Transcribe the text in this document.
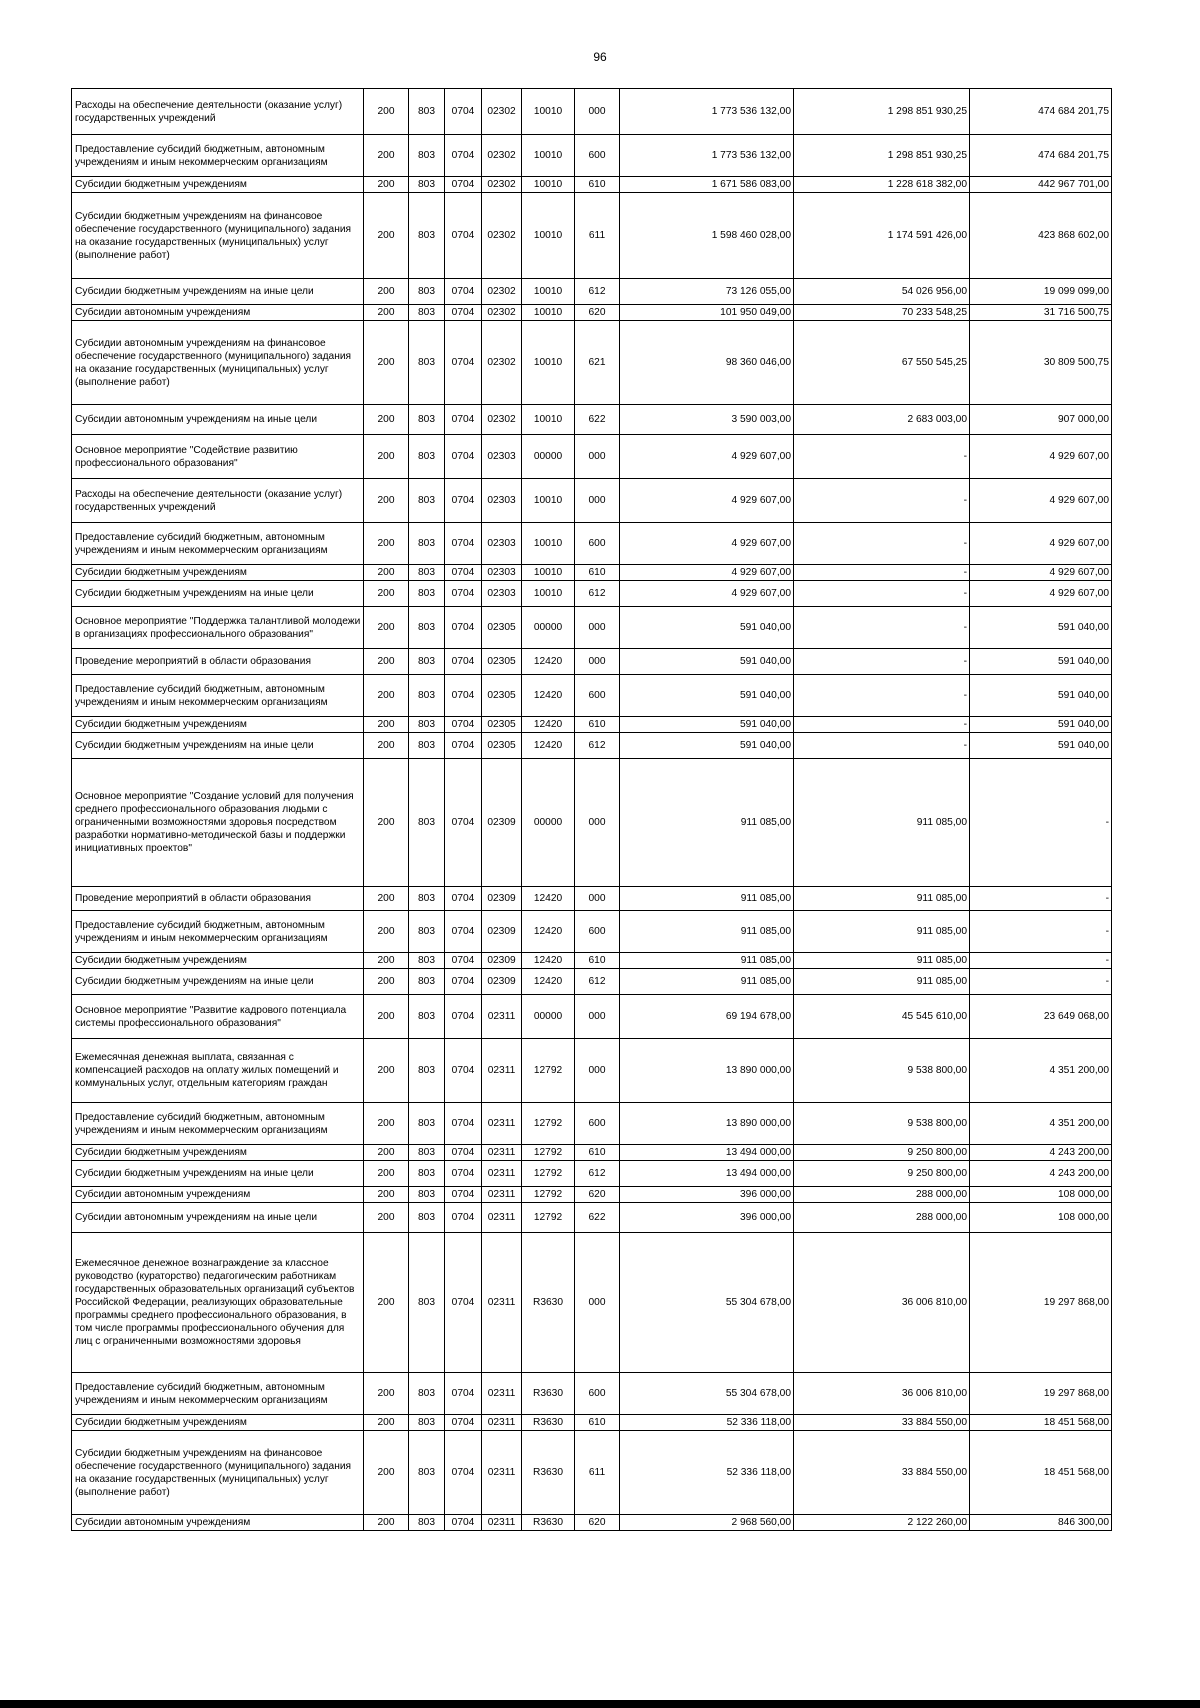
96
Расходы на обеспечение деятельности (оказание услуг) государственных учреждений	200	803	0704	02302	10010	000	1 773 536 132,00	1 298 851 930,25	474 684 201,75
Предоставление субсидий бюджетным, автономным учреждениям и иным некоммерческим организациям	200	803	0704	02302	10010	600	1 773 536 132,00	1 298 851 930,25	474 684 201,75
Субсидии бюджетным учреждениям	200	803	0704	02302	10010	610	1 671 586 083,00	1 228 618 382,00	442 967 701,00
Субсидии бюджетным учреждениям на финансовое обеспечение государственного (муниципального) задания на оказание государственных (муниципальных) услуг (выполнение работ)	200	803	0704	02302	10010	611	1 598 460 028,00	1 174 591 426,00	423 868 602,00
Субсидии бюджетным учреждениям на иные цели	200	803	0704	02302	10010	612	73 126 055,00	54 026 956,00	19 099 099,00
Субсидии автономным учреждениям	200	803	0704	02302	10010	620	101 950 049,00	70 233 548,25	31 716 500,75
Субсидии автономным учреждениям на финансовое обеспечение государственного (муниципального) задания на оказание государственных (муниципальных) услуг (выполнение работ)	200	803	0704	02302	10010	621	98 360 046,00	67 550 545,25	30 809 500,75
Субсидии автономным учреждениям на иные цели	200	803	0704	02302	10010	622	3 590 003,00	2 683 003,00	907 000,00
Основное мероприятие "Содействие развитию профессионального образования"	200	803	0704	02303	00000	000	4 929 607,00	-	4 929 607,00
Расходы на обеспечение деятельности (оказание услуг) государственных учреждений	200	803	0704	02303	10010	000	4 929 607,00	-	4 929 607,00
Предоставление субсидий бюджетным, автономным учреждениям и иным некоммерческим организациям	200	803	0704	02303	10010	600	4 929 607,00	-	4 929 607,00
Субсидии бюджетным учреждениям	200	803	0704	02303	10010	610	4 929 607,00	-	4 929 607,00
Субсидии бюджетным учреждениям на иные цели	200	803	0704	02303	10010	612	4 929 607,00	-	4 929 607,00
Основное мероприятие "Поддержка талантливой молодежи в организациях профессионального образования"	200	803	0704	02305	00000	000	591 040,00	-	591 040,00
Проведение мероприятий в области образования	200	803	0704	02305	12420	000	591 040,00	-	591 040,00
Предоставление субсидий бюджетным, автономным учреждениям и иным некоммерческим организациям	200	803	0704	02305	12420	600	591 040,00	-	591 040,00
Субсидии бюджетным учреждениям	200	803	0704	02305	12420	610	591 040,00	-	591 040,00
Субсидии бюджетным учреждениям на иные цели	200	803	0704	02305	12420	612	591 040,00	-	591 040,00
Основное мероприятие "Создание условий для получения среднего профессионального образования людьми с ограниченными возможностями здоровья посредством разработки нормативно-методической базы и поддержки инициативных проектов"	200	803	0704	02309	00000	000	911 085,00	911 085,00	-
Проведение мероприятий в области образования	200	803	0704	02309	12420	000	911 085,00	911 085,00	-
Предоставление субсидий бюджетным, автономным учреждениям и иным некоммерческим организациям	200	803	0704	02309	12420	600	911 085,00	911 085,00	-
Субсидии бюджетным учреждениям	200	803	0704	02309	12420	610	911 085,00	911 085,00	-
Субсидии бюджетным учреждениям на иные цели	200	803	0704	02309	12420	612	911 085,00	911 085,00	-
Основное мероприятие "Развитие кадрового потенциала системы профессионального образования"	200	803	0704	02311	00000	000	69 194 678,00	45 545 610,00	23 649 068,00
Ежемесячная денежная выплата, связанная с компенсацией расходов на оплату жилых помещений и коммунальных услуг, отдельным категориям граждан	200	803	0704	02311	12792	000	13 890 000,00	9 538 800,00	4 351 200,00
Предоставление субсидий бюджетным, автономным учреждениям и иным некоммерческим организациям	200	803	0704	02311	12792	600	13 890 000,00	9 538 800,00	4 351 200,00
Субсидии бюджетным учреждениям	200	803	0704	02311	12792	610	13 494 000,00	9 250 800,00	4 243 200,00
Субсидии бюджетным учреждениям на иные цели	200	803	0704	02311	12792	612	13 494 000,00	9 250 800,00	4 243 200,00
Субсидии автономным учреждениям	200	803	0704	02311	12792	620	396 000,00	288 000,00	108 000,00
Субсидии автономным учреждениям на иные цели	200	803	0704	02311	12792	622	396 000,00	288 000,00	108 000,00
Ежемесячное денежное вознаграждение за классное руководство (кураторство) педагогическим работникам государственных образовательных организаций субъектов Российской Федерации, реализующих образовательные программы среднего профессионального образования, в том числе программы профессионального обучения для лиц с ограниченными возможностями здоровья	200	803	0704	02311	R3630	000	55 304 678,00	36 006 810,00	19 297 868,00
Предоставление субсидий бюджетным, автономным учреждениям и иным некоммерческим организациям	200	803	0704	02311	R3630	600	55 304 678,00	36 006 810,00	19 297 868,00
Субсидии бюджетным учреждениям	200	803	0704	02311	R3630	610	52 336 118,00	33 884 550,00	18 451 568,00
Субсидии бюджетным учреждениям на финансовое обеспечение государственного (муниципального) задания на оказание государственных (муниципальных) услуг (выполнение работ)	200	803	0704	02311	R3630	611	52 336 118,00	33 884 550,00	18 451 568,00
Субсидии автономным учреждениям	200	803	0704	02311	R3630	620	2 968 560,00	2 122 260,00	846 300,00
